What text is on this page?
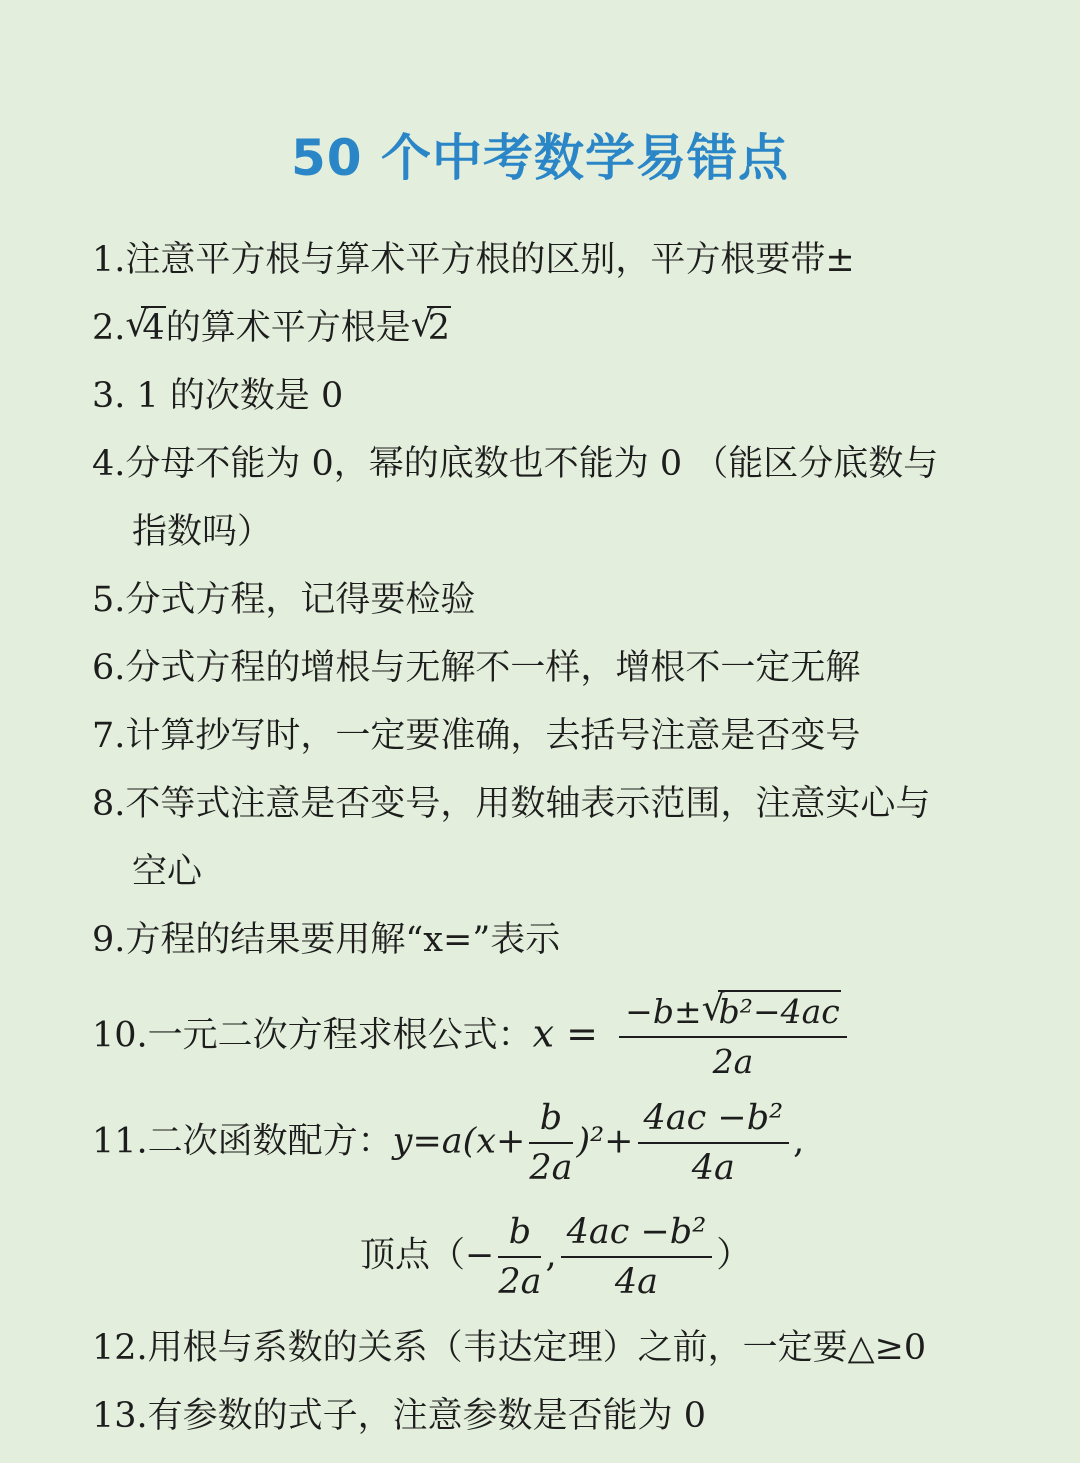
50 个中考数学易错点
1.注意平方根与算术平方根的区别，平方根要带±
2. √
4的算术平方根是 √
2
3. 1 的次数是 0
4.分母不能为 0，幂的底数也不能为 0 （能区分底数与
指数吗）
5.分式方程，记得要检验
6.分式方程的增根与无解不一样，增根不一定无解
7.计算抄写时，一定要准确，去括号注意是否变号
8.不等式注意是否变号，用数轴表示范围，注意实心与
空心
9.方程的结果要用解“x=”表示
10.一元二次方程求根公式：x = −b± √
b²−4ac
2a
11.二次函数配方：$y=a(x+ \frac{b}{2a} )^2+ \frac{\text{4ac −b²}}{4a}$ ,
顶点（− $\frac{b}{2a}$ , $\frac{\text{4ac −b²}}{4a}$ ）
12.用根与系数的关系（韦达定理）之前，一定要△≥0
13.有参数的式子，注意参数是否能为 0
